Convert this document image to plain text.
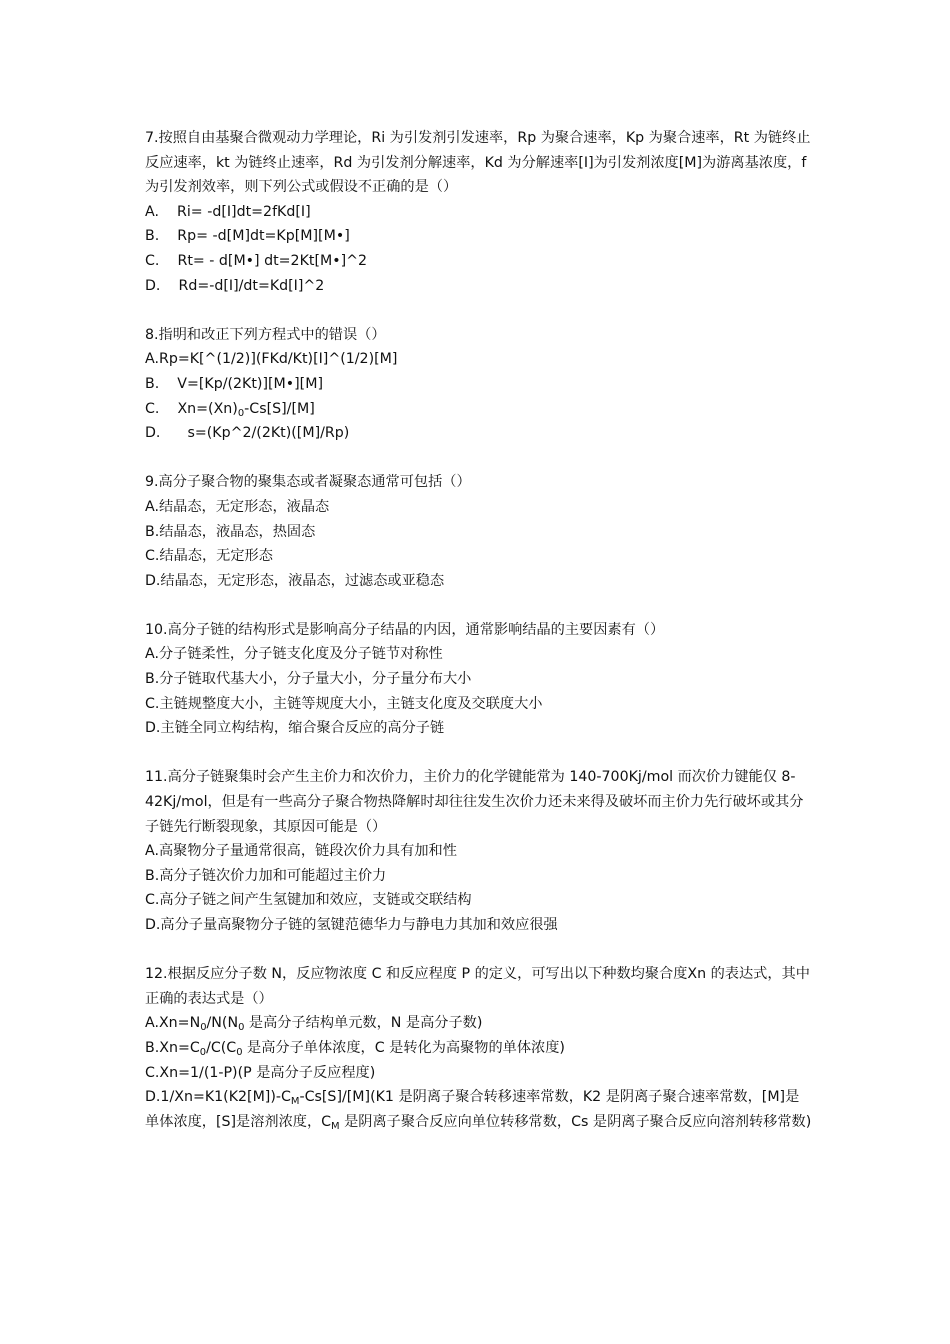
7.按照自由基聚合微观动力学理论，Ri 为引发剂引发速率，Rp 为聚合速率，Kp 为聚合速率，Rt 为链终止反应速率，kt 为链终止速率，Rd 为引发剂分解速率，Kd 为分解速率[I]为引发剂浓度[M]为游离基浓度，f 为引发剂效率，则下列公式或假设不正确的是（）

A.    Ri= -d[I]dt=2fKd[I]

B.    Rp= -d[M]dt=Kp[M][M•]

C.    Rt= - d[M•] dt=2Kt[M•]^2

D.    Rd=-d[I]/dt=Kd[I]^2

8.指明和改正下列方程式中的错误（）

A.Rp=K[^(1/2)](FKd/Kt)[I]^(1/2)[M]

B.    V=[Kp/(2Kt)][M•][M]

C.    $Xn=(Xn)_0-Cs[S]/[M]$

D.      s=(Kp^2/(2Kt)([M]/Rp)

9.高分子聚合物的聚集态或者凝聚态通常可包括（）

A.结晶态，无定形态，液晶态

B.结晶态，液晶态，热固态

C.结晶态，无定形态

D.结晶态，无定形态，液晶态，过滤态或亚稳态

10.高分子链的结构形式是影响高分子结晶的内因，通常影响结晶的主要因素有（）

A.分子链柔性，分子链支化度及分子链节对称性

B.分子链取代基大小，分子量大小，分子量分布大小

C.主链规整度大小，主链等规度大小，主链支化度及交联度大小

D.主链全同立构结构，缩合聚合反应的高分子链

11.高分子链聚集时会产生主价力和次价力，主价力的化学键能常为 140-700Kj/mol 而次价力键能仅 8-42Kj/mol，但是有一些高分子聚合物热降解时却往往发生次价力还未来得及破坏而主价力先行破坏或其分子链先行断裂现象，其原因可能是（）

A.高聚物分子量通常很高，链段次价力具有加和性

B.高分子链次价力加和可能超过主价力

C.高分子链之间产生氢键加和效应，支链或交联结构

D.高分子量高聚物分子链的氢键范德华力与静电力其加和效应很强

12.根据反应分子数 N，反应物浓度 C 和反应程度 P 的定义，可写出以下种数均聚合度Xn 的表达式，其中正确的表达式是（）

$A.Xn=N_0/N(N_0$ 是高分子结构单元数，N 是高分子数)

$B.Xn=C_0/C(C_0$ 是高分子单体浓度，C 是转化为高聚物的单体浓度)

C.Xn=1/(1-P)(P 是高分子反应程度)

$D.1/Xn=K1(K2[M])-C_M-Cs[S]/[M](K1$ 是阴离子聚合转移速率常数，K2 是阴离子聚合速率常数，[M]是单体浓度，[S]是溶剂浓度，$C_M$ 是阴离子聚合反应向单位转移常数，Cs 是阴离子聚合反应向溶剂转移常数)
